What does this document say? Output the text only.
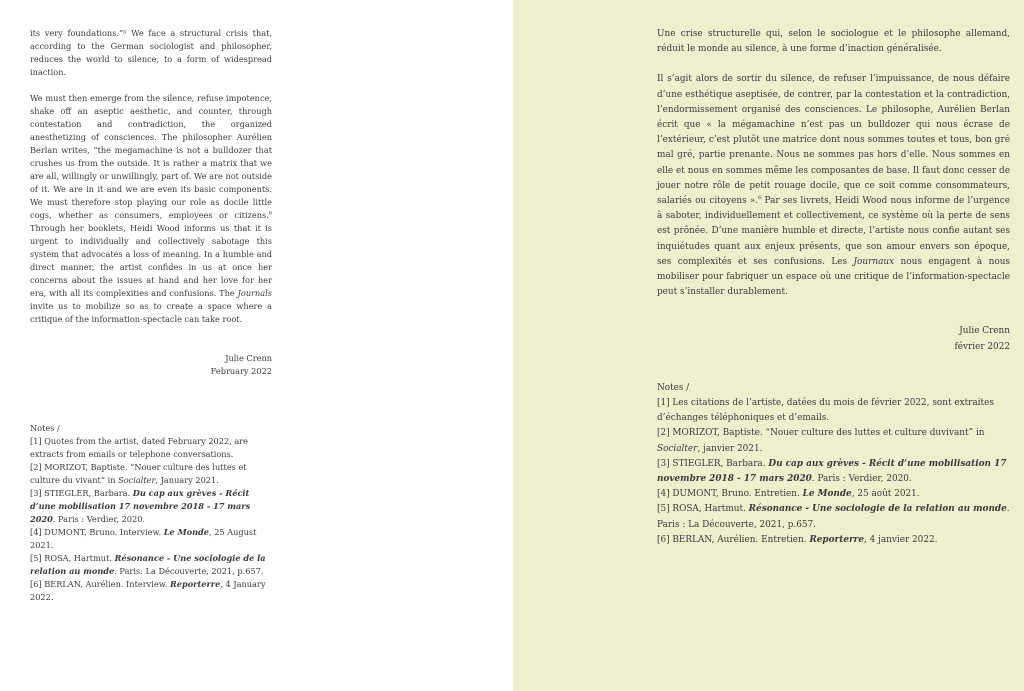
its very foundations.”⁵ We face a structural crisis that, according to the German sociologist and philosopher, reduces the world to silence, to a form of widespread inaction.

We must then emerge from the silence, refuse impotence, shake off an aseptic aesthetic, and counter, through contestation and contradiction, the organized anesthetizing of consciences. The philosopher Aurélien Berlan writes, “the megamachine is not a bulldozer that crushes us from the outside. It is rather a matrix that we are all, willingly or unwillingly, part of. We are not outside of it. We are in it and we are even its basic components. We must therefore stop playing our role as docile little cogs, whether as consumers, employees or citizens.$^6$ Through her booklets, Heidi Wood informs us that it is urgent to individually and collectively sabotage this system that advocates a loss of meaning. In a humble and direct manner, the artist confides in us at once her concerns about the issues at hand and her love for her era, with all its complexities and confusions. The Journals invite us to mobilize so as to create a space where a critique of the information-spectacle can take root.

Julie Crenn
February 2022
Notes /
[1] Quotes from the artist, dated February 2022, are extracts from emails or telephone conversations.
[2] MORIZOT, Baptiste. “Nouer culture des luttes et culture du vivant” in Socialter, January 2021.
[3] STIEGLER, Barbara. Du cap aux grèves - Récit d’une mobilisation 17 novembre 2018 - 17 mars 2020. Paris : Verdier, 2020.
[4] DUMONT, Bruno. Interview. Le Monde, 25 August 2021.
[5] ROSA, Hartmut. Résonance - Une sociologie de la relation au monde. Paris: La Découverte, 2021, p.657.
[6] BERLAN, Aurélien. Interview. Reporterre, 4 January 2022.

Une crise structurelle qui, selon le sociologue et le philosophe allemand, réduit le monde au silence, à une forme d’inaction généralisée.

Il s’agit alors de sortir du silence, de refuser l’impuissance, de nous défaire d’une esthétique aseptisée, de contrer, par la contestation et la contradiction, l’endormissement organisé des consciences. Le philosophe, Aurélien Berlan écrit que « la mégamachine n’est pas un bulldozer qui nous écrase de l’extérieur, c’est plutôt une matrice dont nous sommes toutes et tous, bon gré mal gré, partie prenante. Nous ne sommes pas hors d’elle. Nous sommes en elle et nous en sommes même les composantes de base. Il faut donc cesser de jouer notre rôle de petit rouage docile, que ce soit comme consommateurs, salariés ou citoyens ».$^6$ Par ses livrets, Heidi Wood nous informe de l’urgence à saboter, individuellement et collectivement, ce système où la perte de sens est prônée. D’une manière humble et directe, l’artiste nous confie autant ses inquiétudes quant aux enjeux présents, que son amour envers son époque, ses complexités et ses confusions. Les Journaux nous engagent à nous mobiliser pour fabriquer un espace où une critique de l’information-spectacle peut s’installer durablement.

Julie Crenn
février 2022
Notes /
[1] Les citations de l’artiste, datées du mois de février 2022, sont extraites d’échanges téléphoniques et d’emails.
[2] MORIZOT, Baptiste. “Nouer culture des luttes et culture duvivant” in Socialter, janvier 2021.
[3] STIEGLER, Barbara. Du cap aux grèves - Récit d’une mobilisation 17 novembre 2018 - 17 mars 2020. Paris : Verdier, 2020.
[4] DUMONT, Bruno. Entretien. Le Monde, 25 août 2021.
[5] ROSA, Hartmut. Résonance - Une sociologie de la relation au monde. Paris : La Découverte, 2021, p.657.
[6] BERLAN, Aurélien. Entretien. Reporterre, 4 janvier 2022.
